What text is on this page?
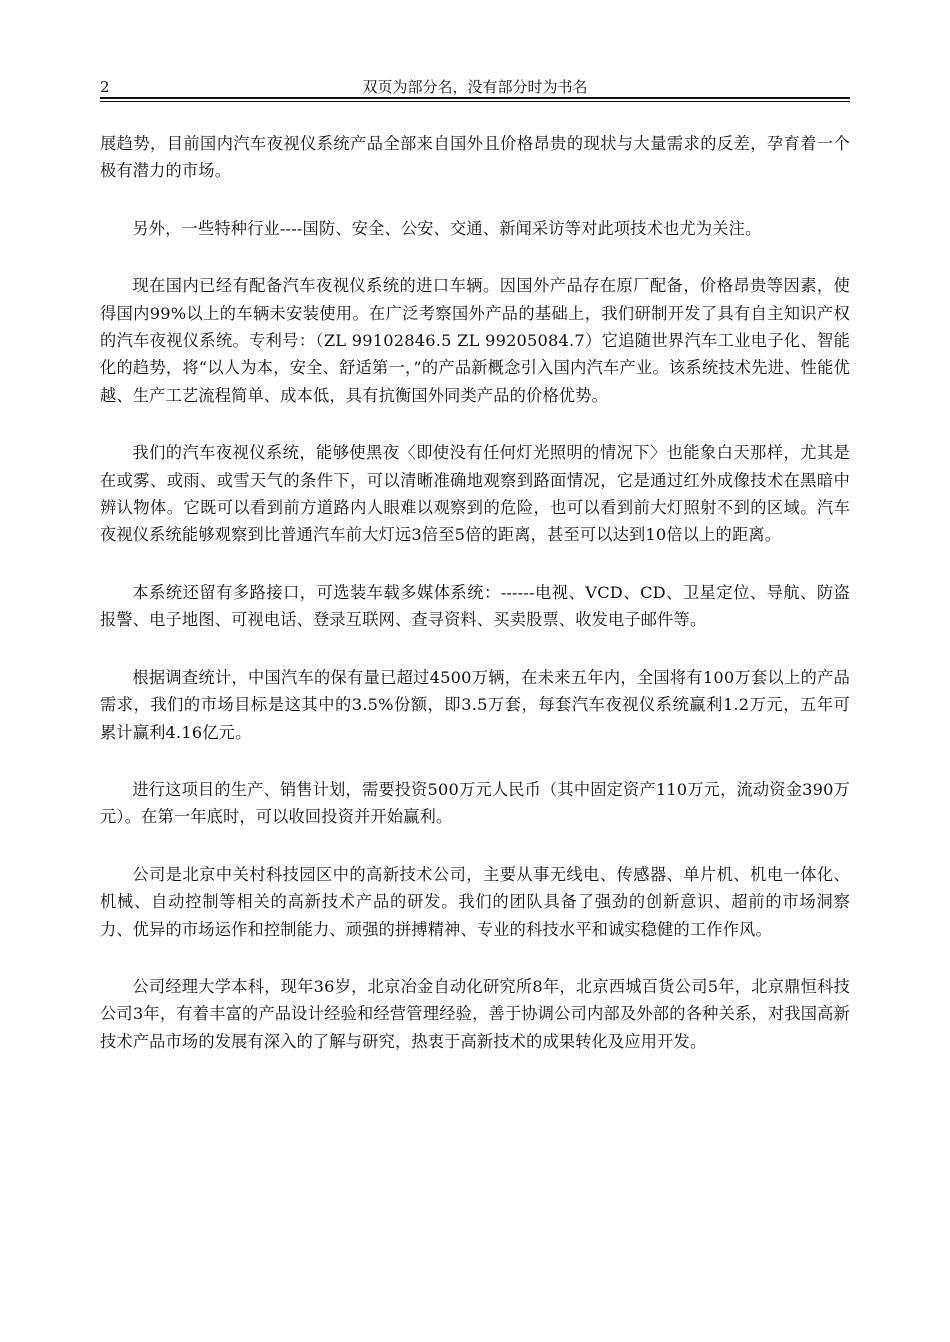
2	双页为部分名，没有部分时为书名

展趋势，目前国内汽车夜视仪系统产品全部来自国外且价格昂贵的现状与大量需求的反差，孕育着一个极有潜力的市场。

另外，一些特种行业----国防、安全、公安、交通、新闻采访等对此项技术也尤为关注。

现在国内已经有配备汽车夜视仪系统的进口车辆。因国外产品存在原厂配备，价格昂贵等因素，使得国内99%以上的车辆未安装使用。在广泛考察国外产品的基础上，我们研制开发了具有自主知识产权的汽车夜视仪系统。专利号：（ZL 99102846.5 ZL 99205084.7）它追随世界汽车工业电子化、智能化的趋势，将“以人为本，安全、舒适第一，”的产品新概念引入国内汽车产业。该系统技术先进、性能优越、生产工艺流程简单、成本低，具有抗衡国外同类产品的价格优势。

我们的汽车夜视仪系统，能够使黑夜〈即使没有任何灯光照明的情况下〉也能象白天那样，尤其是在或雾、或雨、或雪天气的条件下，可以清晰准确地观察到路面情况，它是通过红外成像技术在黑暗中辨认物体。它既可以看到前方道路内人眼难以观察到的危险，也可以看到前大灯照射不到的区域。汽车夜视仪系统能够观察到比普通汽车前大灯远3倍至5倍的距离，甚至可以达到10倍以上的距离。

本系统还留有多路接口，可选装车载多媒体系统：------电视、VCD、CD、卫星定位、导航、防盗报警、电子地图、可视电话、登录互联网、查寻资料、买卖股票、收发电子邮件等。

根据调查统计，中国汽车的保有量已超过4500万辆，在未来五年内，全国将有100万套以上的产品需求，我们的市场目标是这其中的3.5%份额，即3.5万套，每套汽车夜视仪系统赢利1.2万元，五年可累计赢利4.16亿元。

进行这项目的生产、销售计划，需要投资500万元人民币（其中固定资产110万元，流动资金390万元）。在第一年底时，可以收回投资并开始赢利。

公司是北京中关村科技园区中的高新技术公司，主要从事无线电、传感器、单片机、机电一体化、机械、自动控制等相关的高新技术产品的研发。我们的团队具备了强劲的创新意识、超前的市场洞察力、优异的市场运作和控制能力、顽强的拼搏精神、专业的科技水平和诚实稳健的工作作风。

公司经理大学本科，现年36岁，北京冶金自动化研究所8年，北京西城百货公司5年，北京鼎恒科技公司3年，有着丰富的产品设计经验和经营管理经验，善于协调公司内部及外部的各种关系，对我国高新技术产品市场的发展有深入的了解与研究，热衷于高新技术的成果转化及应用开发。
